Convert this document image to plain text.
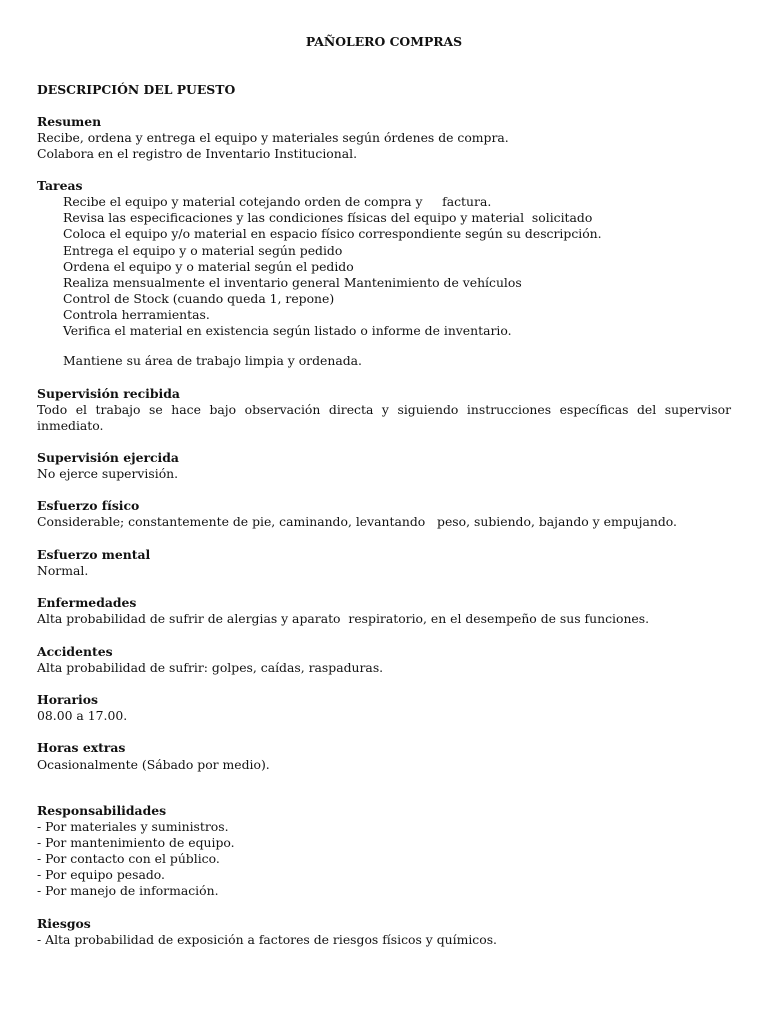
PAÑOLERO COMPRAS
DESCRIPCIÓN DEL PUESTO
Resumen
Recibe, ordena y entrega el equipo y materiales según órdenes de compra.
Colabora en el registro de Inventario Institucional.
Tareas
Recibe el equipo y material cotejando orden de compra y     factura.
Revisa las especificaciones y las condiciones físicas del equipo y material  solicitado
Coloca el equipo y/o material en espacio físico correspondiente según su descripción.
Entrega el equipo y o material según pedido
Ordena el equipo y o material según el pedido
Realiza mensualmente el inventario general Mantenimiento de vehículos
Control de Stock (cuando queda 1, repone)
Controla herramientas.
Verifica el material en existencia según listado o informe de inventario.
Mantiene su área de trabajo limpia y ordenada.
Supervisión recibida
Todo el trabajo se hace bajo observación directa y siguiendo instrucciones específicas del supervisor inmediato.
Supervisión ejercida
No ejerce supervisión.
Esfuerzo físico
Considerable; constantemente de pie, caminando, levantando   peso, subiendo, bajando y empujando.
Esfuerzo mental
Normal.
Enfermedades
Alta probabilidad de sufrir de alergias y aparato  respiratorio, en el desempeño de sus funciones.
Accidentes
Alta probabilidad de sufrir: golpes, caídas, raspaduras.
Horarios
08.00 a 17.00.
Horas extras
Ocasionalmente (Sábado por medio).
Responsabilidades
- Por materiales y suministros.
- Por mantenimiento de equipo.
- Por contacto con el público.
- Por equipo pesado.
- Por manejo de información.
Riesgos
- Alta probabilidad de exposición a factores de riesgos físicos y químicos.
